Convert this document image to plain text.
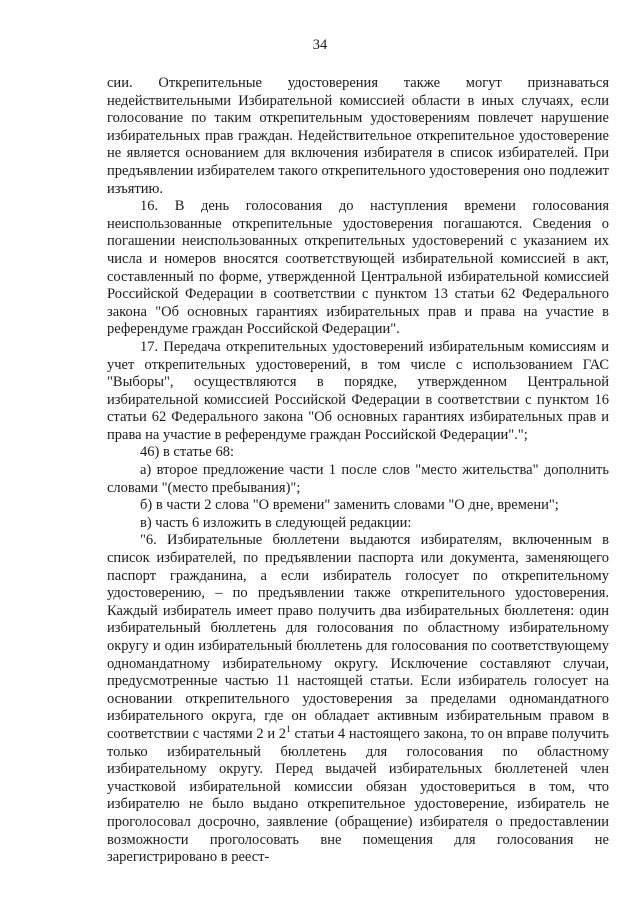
34

сии. Открепительные удостоверения также могут признаваться недействительными Избирательной комиссией области в иных случаях, если голосование по таким открепительным удостоверениям повлечет нарушение избирательных прав граждан. Недействительное открепительное удостоверение не является основанием для включения избирателя в список избирателей. При предъявлении избирателем такого открепительного удостоверения оно подлежит изъятию.

16. В день голосования до наступления времени голосования неиспользованные открепительные удостоверения погашаются. Сведения о погашении неиспользованных открепительных удостоверений с указанием их числа и номеров вносятся соответствующей избирательной комиссией в акт, составленный по форме, утвержденной Центральной избирательной комиссией Российской Федерации в соответствии с пунктом 13 статьи 62 Федерального закона "Об основных гарантиях избирательных прав и права на участие в референдуме граждан Российской Федерации".

17. Передача открепительных удостоверений избирательным комиссиям и учет открепительных удостоверений, в том числе с использованием ГАС "Выборы", осуществляются в порядке, утвержденном Центральной избирательной комиссией Российской Федерации в соответствии с пунктом 16 статьи 62 Федерального закона "Об основных гарантиях избирательных прав и права на участие в референдуме граждан Российской Федерации".";

46) в статье 68:

а) второе предложение части 1 после слов "место жительства" дополнить словами "(место пребывания)";

б) в части 2 слова "О времени" заменить словами "О дне, времени";

в) часть 6 изложить в следующей редакции:

"6. Избирательные бюллетени выдаются избирателям, включенным в список избирателей, по предъявлении паспорта или документа, заменяющего паспорт гражданина, а если избиратель голосует по открепительному удостоверению, – по предъявлении также открепительного удостоверения. Каждый избиратель имеет право получить два избирательных бюллетеня: один избирательный бюллетень для голосования по областному избирательному округу и один избирательный бюллетень для голосования по соответствующему одномандатному избирательному округу. Исключение составляют случаи, предусмотренные частью 11 настоящей статьи. Если избиратель голосует на основании открепительного удостоверения за пределами одномандатного избирательного округа, где он обладает активным избирательным правом в соответствии с частями 2 и $2^1$ статьи 4 настоящего закона, то он вправе получить только избирательный бюллетень для голосования по областному избирательному округу. Перед выдачей избирательных бюллетеней член участковой избирательной комиссии обязан удостовериться в том, что избирателю не было выдано открепительное удостоверение, избиратель не проголосовал досрочно, заявление (обращение) избирателя о предоставлении возможности проголосовать вне помещения для голосования не зарегистрировано в реест-
